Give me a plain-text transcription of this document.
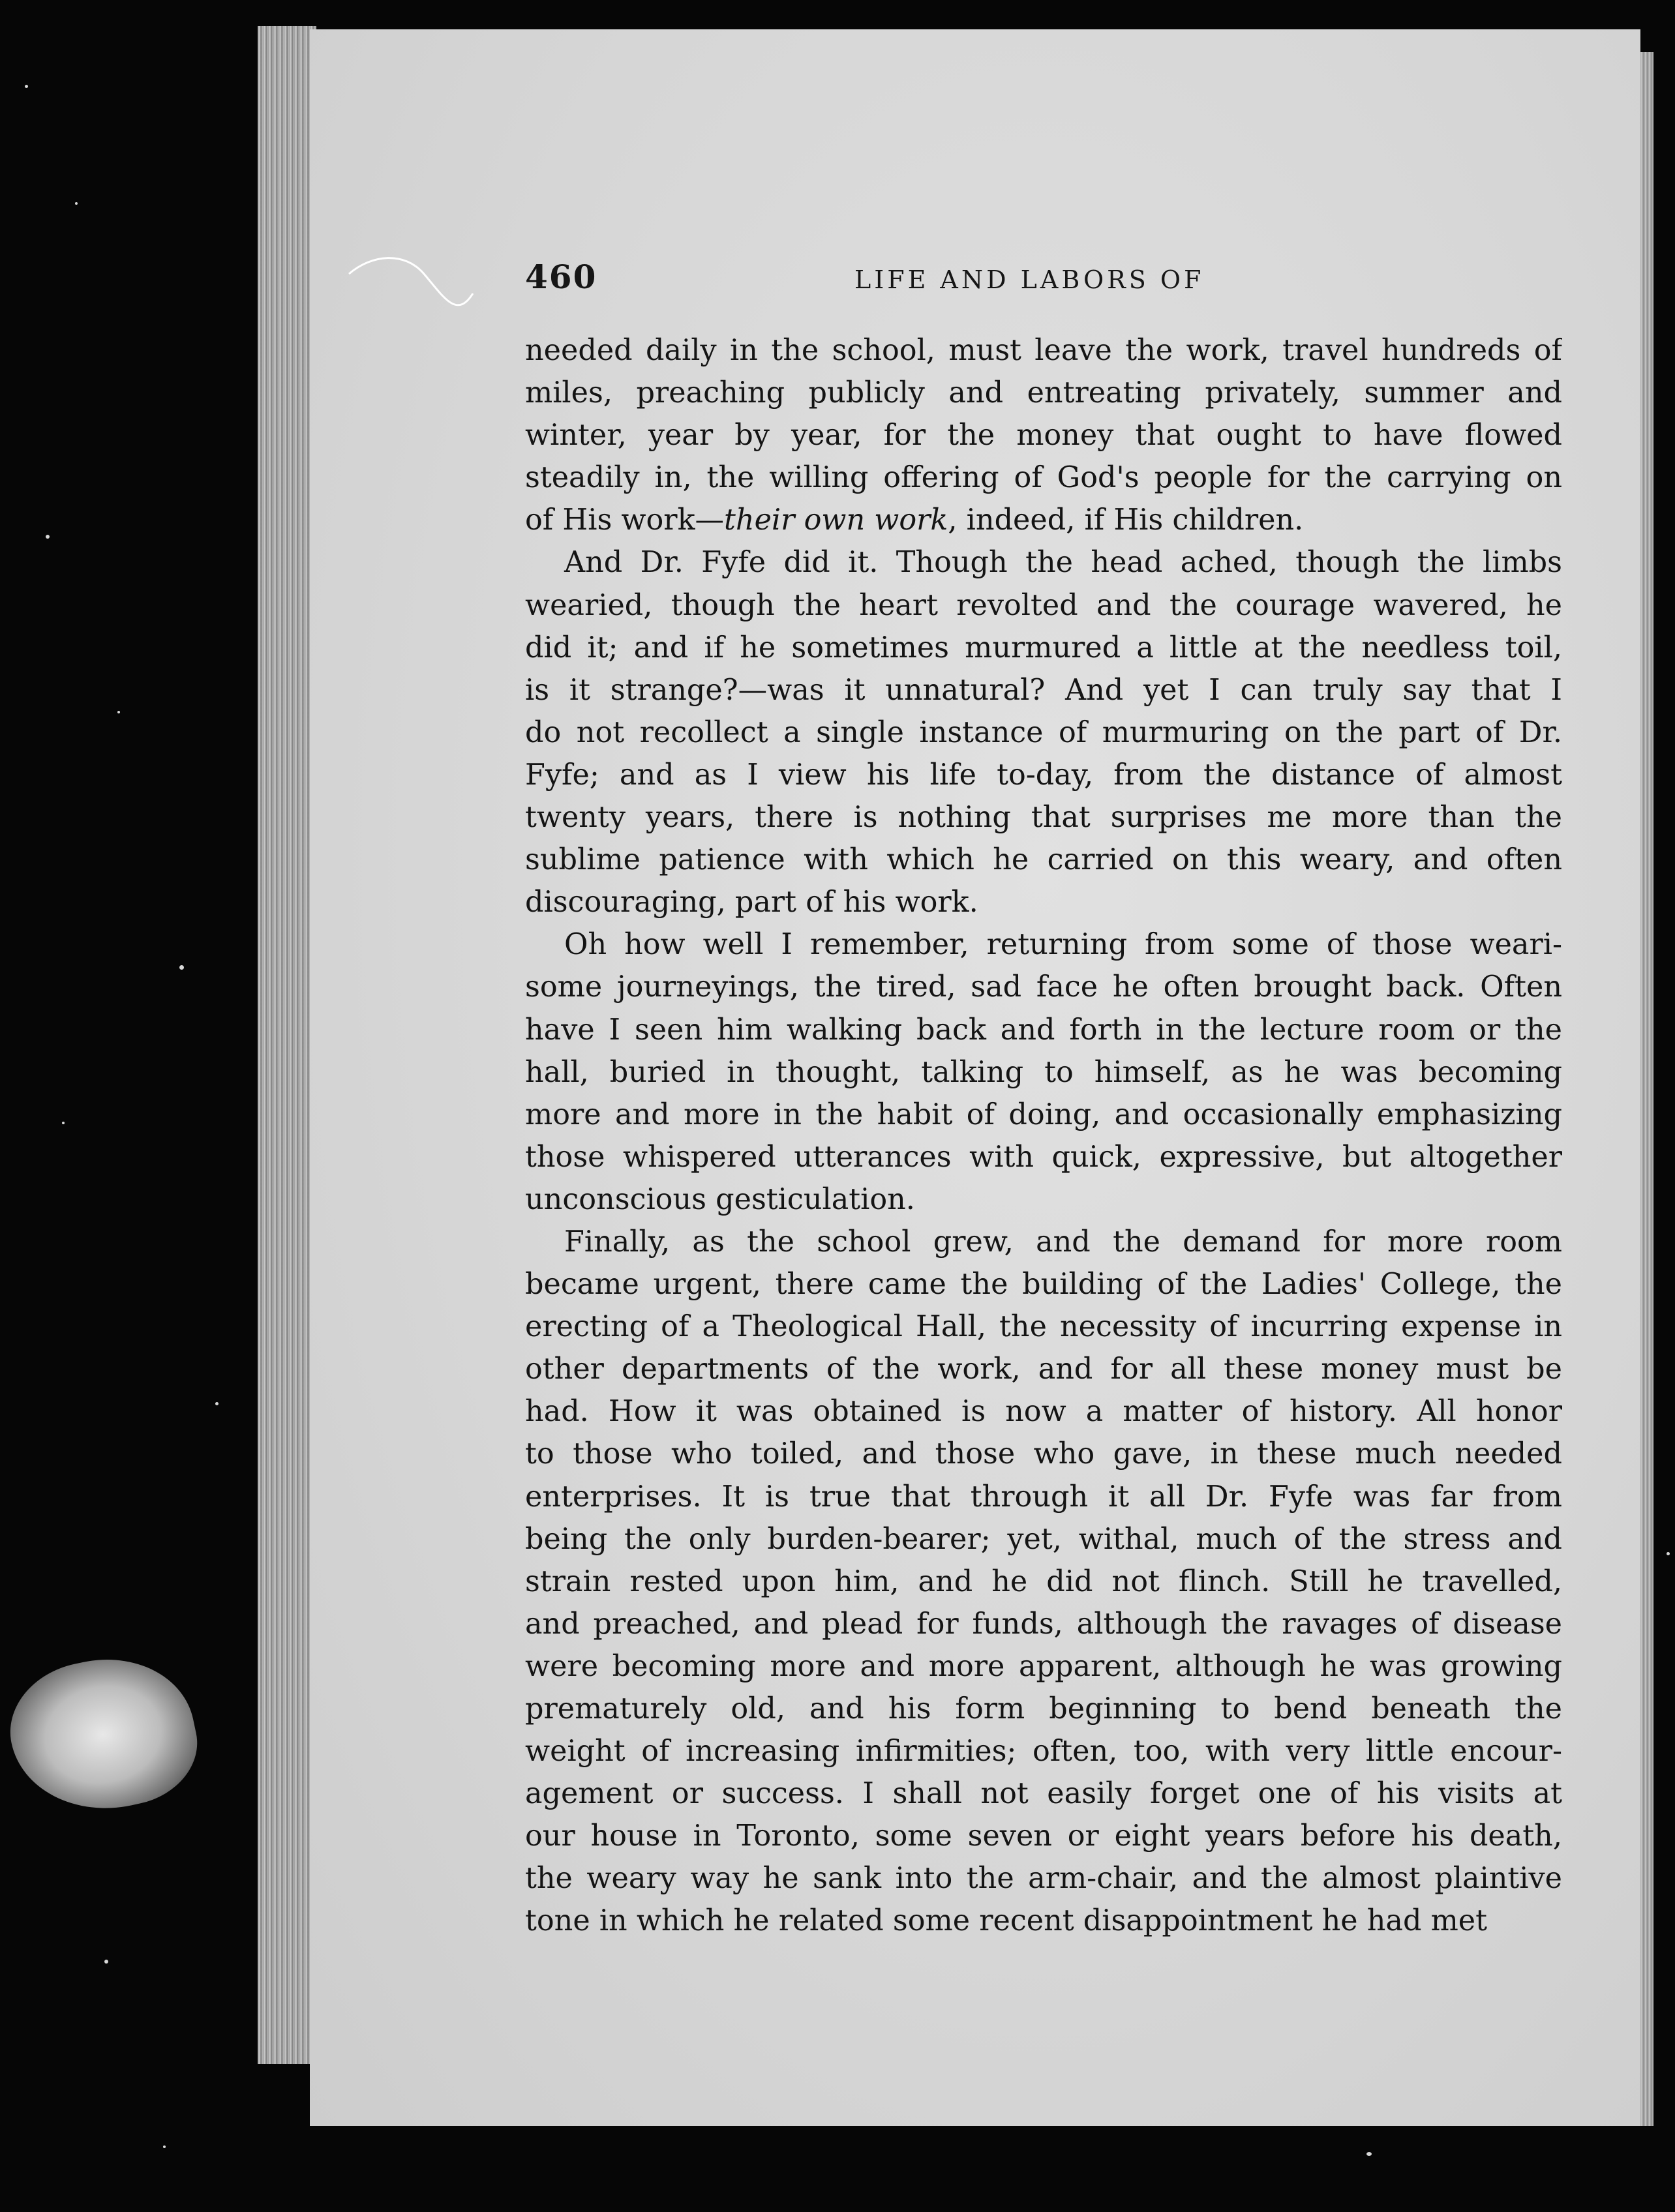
460	LIFE AND LABORS OF
needed daily in the school, must leave the work, travel hundreds of
miles, preaching publicly and entreating privately, summer and
winter, year by year, for the money that ought to have flowed
steadily in, the willing offering of God's people for the carrying on
of His work—their own work, indeed, if His children.
And Dr. Fyfe did it. Though the head ached, though the limbs
wearied, though the heart revolted and the courage wavered, he
did it; and if he sometimes murmured a little at the needless toil,
is it strange?—was it unnatural? And yet I can truly say that I
do not recollect a single instance of murmuring on the part of Dr.
Fyfe; and as I view his life to-day, from the distance of almost
twenty years, there is nothing that surprises me more than the
sublime patience with which he carried on this weary, and often
discouraging, part of his work.
Oh how well I remember, returning from some of those weari-
some journeyings, the tired, sad face he often brought back. Often
have I seen him walking back and forth in the lecture room or the
hall, buried in thought, talking to himself, as he was becoming
more and more in the habit of doing, and occasionally emphasizing
those whispered utterances with quick, expressive, but altogether
unconscious gesticulation.
Finally, as the school grew, and the demand for more room
became urgent, there came the building of the Ladies' College, the
erecting of a Theological Hall, the necessity of incurring expense in
other departments of the work, and for all these money must be
had. How it was obtained is now a matter of history. All honor
to those who toiled, and those who gave, in these much needed
enterprises. It is true that through it all Dr. Fyfe was far from
being the only burden-bearer; yet, withal, much of the stress and
strain rested upon him, and he did not flinch. Still he travelled,
and preached, and plead for funds, although the ravages of disease
were becoming more and more apparent, although he was growing
prematurely old, and his form beginning to bend beneath the
weight of increasing infirmities; often, too, with very little encour-
agement or success. I shall not easily forget one of his visits at
our house in Toronto, some seven or eight years before his death,
the weary way he sank into the arm-chair, and the almost plaintive
tone in which he related some recent disappointment he had met
